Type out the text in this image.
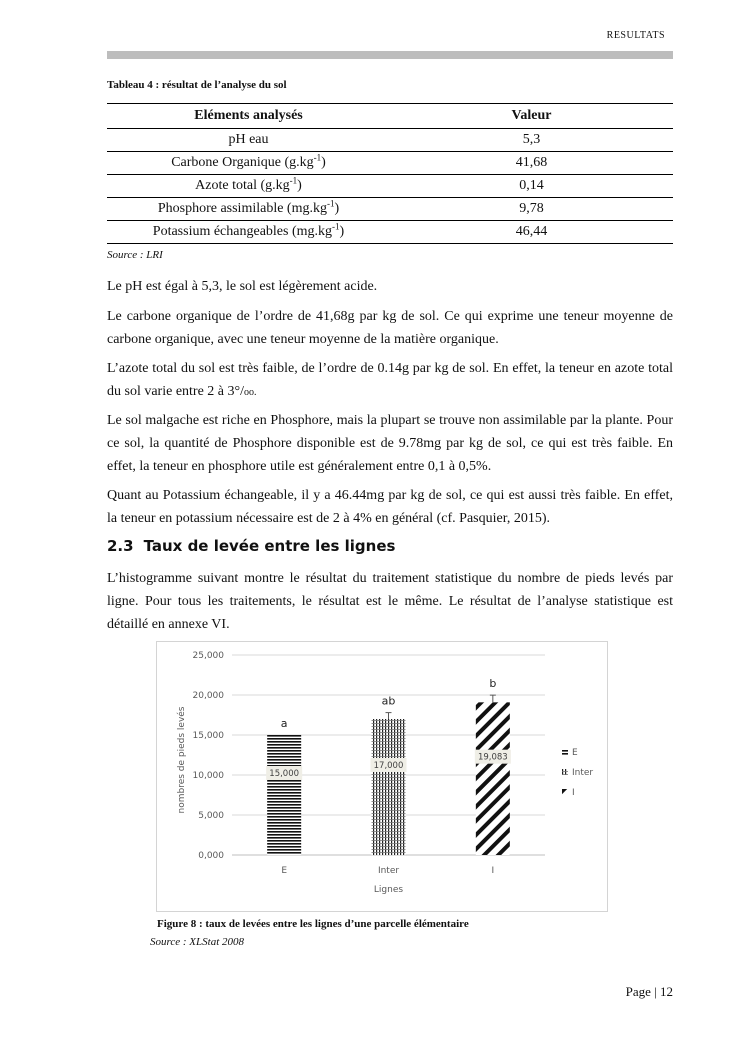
RESULTATS
Tableau 4 : résultat de l’analyse du sol
Eléments analysés	Valeur
pH eau	5,3
Carbone Organique $(g.kg^{-1})$	41,68
Azote total $(g.kg^{-1})$	0,14
Phosphore assimilable $(mg.kg^{-1})$	9,78
Potassium échangeables $(mg.kg^{-1})$	46,44
Source : LRI

Le pH est égal à 5,3, le sol est légèrement acide.

Le carbone organique de l’ordre de 41,68g par kg de sol. Ce qui exprime une teneur moyenne de carbone organique, avec une teneur moyenne de la matière organique.

L’azote total du sol est très faible, de l’ordre de 0.14g par kg de sol. En effet, la teneur en azote total du sol varie entre 2 à 3°/oo.

Le sol malgache est riche en Phosphore, mais la plupart se trouve non assimilable par la plante. Pour ce sol, la quantité de Phosphore disponible est de 9.78mg par kg de sol, ce qui est très faible. En effet, la teneur en phosphore utile est généralement entre 0,1 à 0,5%.

Quant au Potassium échangeable, il y a 46.44mg par kg de sol, ce qui est aussi très faible. En effet, la teneur en potassium nécessaire est de 2 à 4% en général (cf. Pasquier, 2015).

2.3 Taux de levée entre les lignes

L’histogramme suivant montre le résultat du traitement statistique du nombre de pieds levés par ligne. Pour tous les traitements, le résultat est le même. Le résultat de l’analyse statistique est détaillé en annexe VI.

0,000
5,000
10,000
15,000
20,000
25,000
E
a
15,000
Inter
ab
17,000
I
b
19,083	E
Inter
I
nombres de pieds levés
Lignes
Figure 8 : taux de levées entre les lignes d’une parcelle élémentaire
Source : XLStat 2008
Page | 12
